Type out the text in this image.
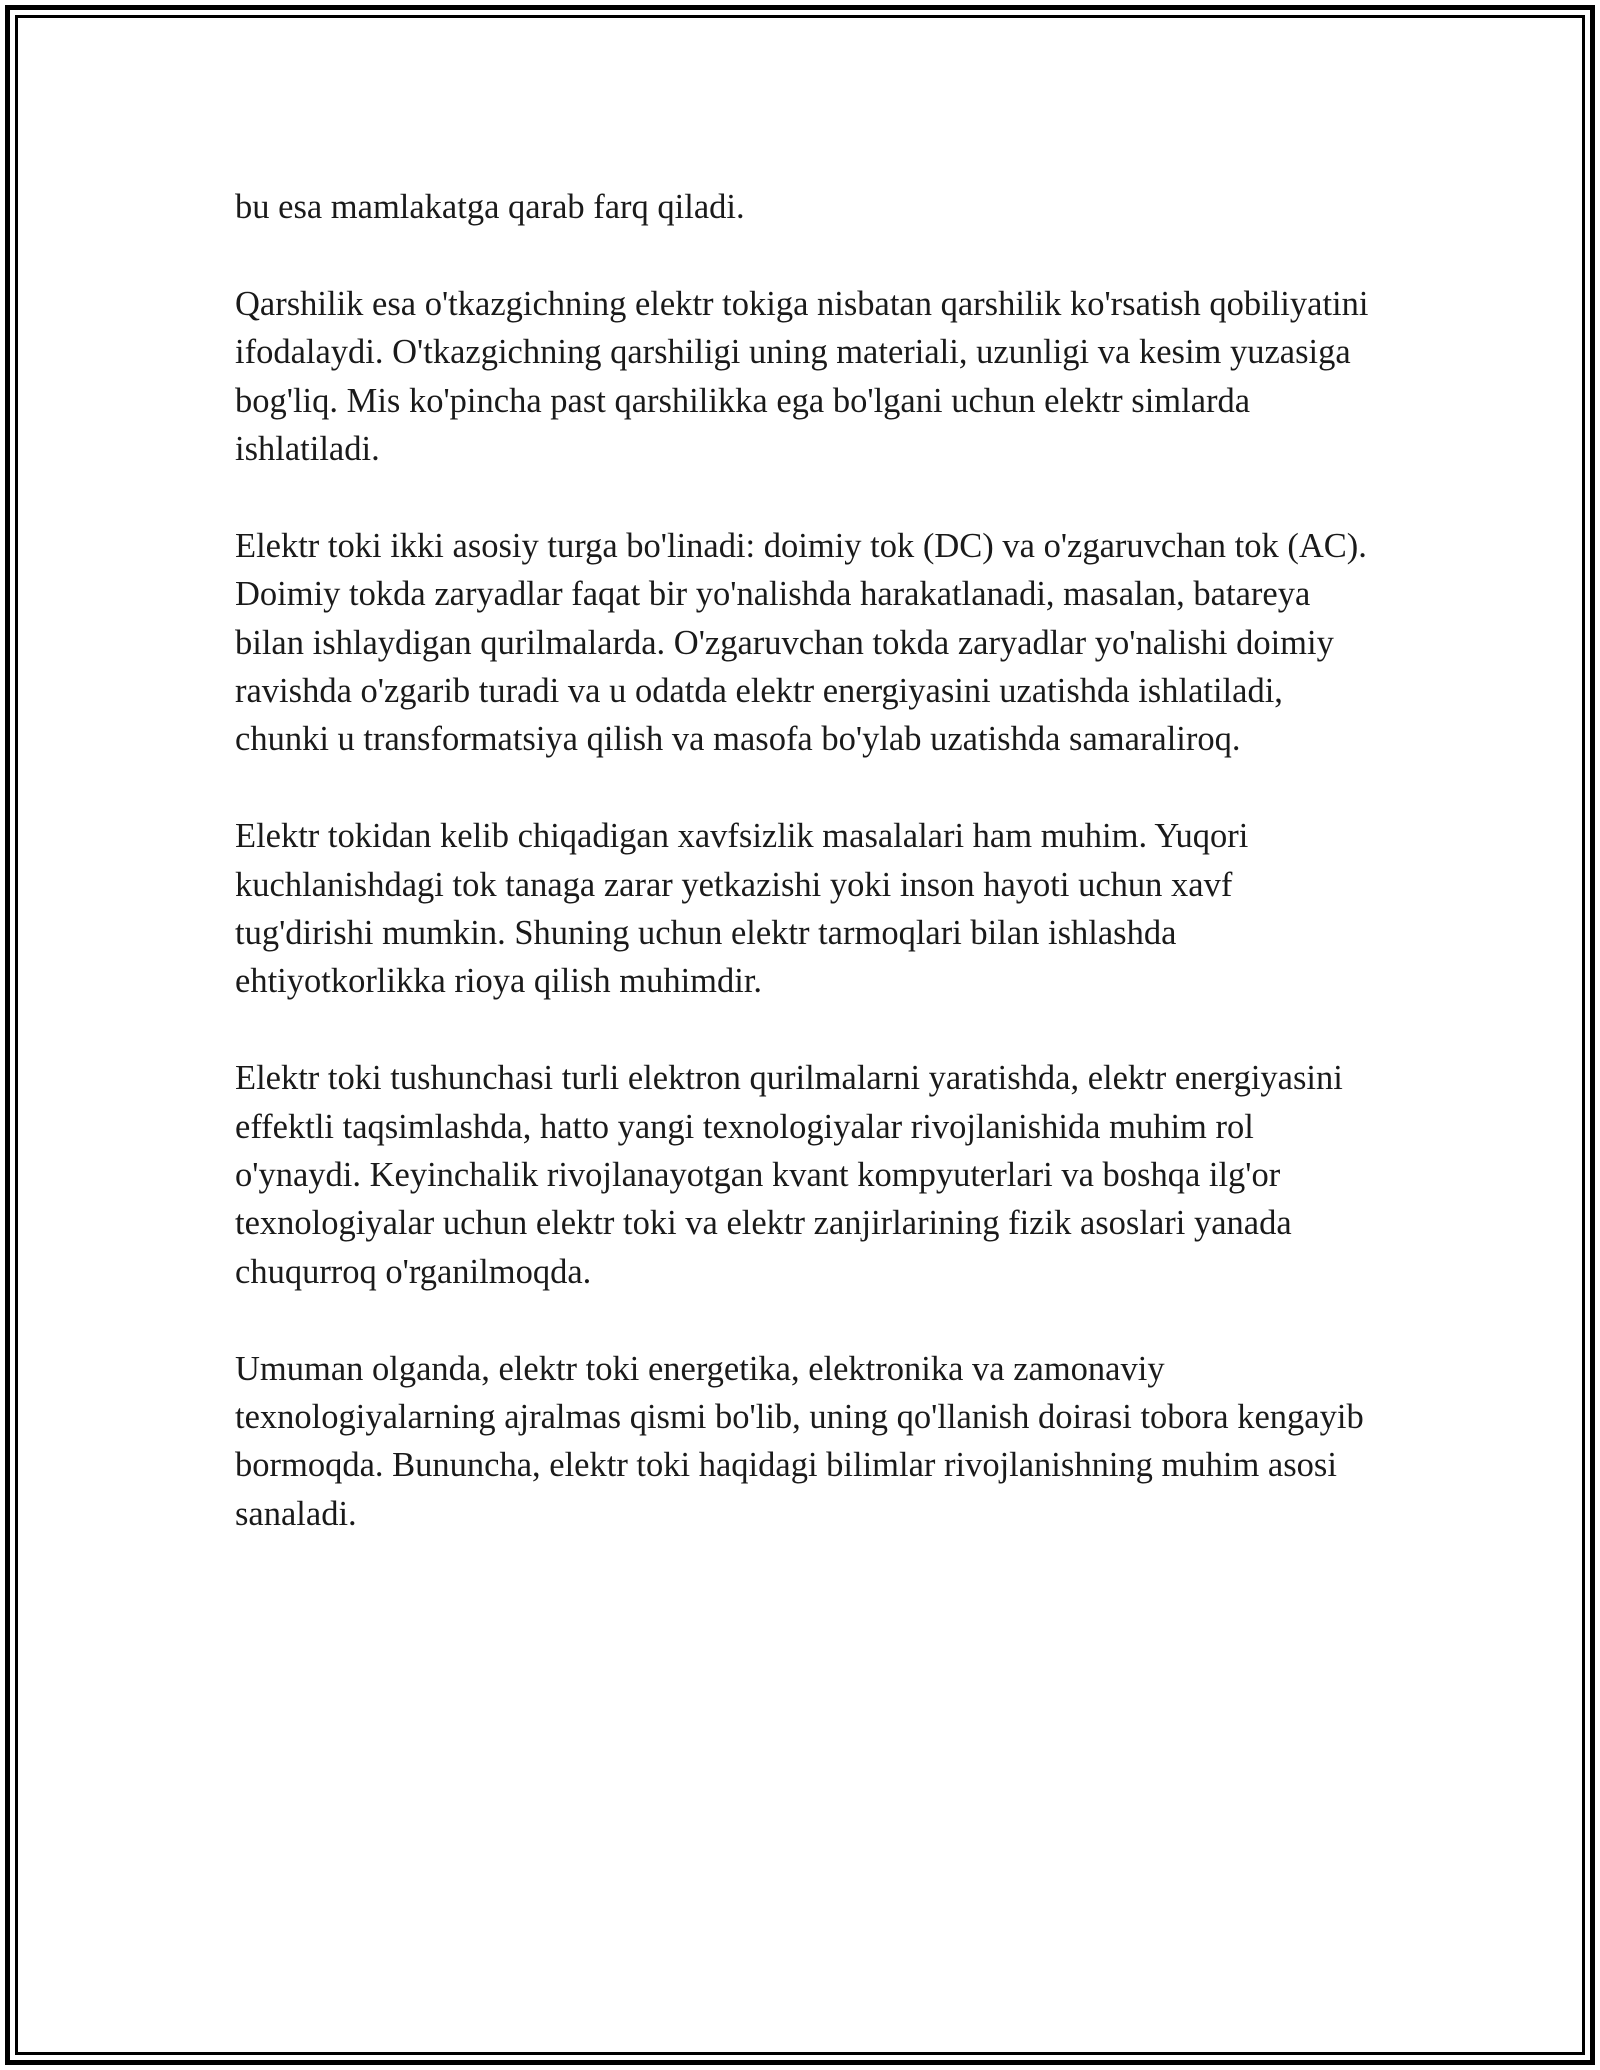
bu esa mamlakatga qarab farq qiladi.

Qarshilik esa o'tkazgichning elektr tokiga nisbatan qarshilik ko'rsatish qobiliyatini ifodalaydi. O'tkazgichning qarshiligi uning materiali, uzunligi va kesim yuzasiga bog'liq. Mis ko'pincha past qarshilikka ega bo'lgani uchun elektr simlarda ishlatiladi.

Elektr toki ikki asosiy turga bo'linadi: doimiy tok (DC) va o'zgaruvchan tok (AC). Doimiy tokda zaryadlar faqat bir yo'nalishda harakatlanadi, masalan, batareya bilan ishlaydigan qurilmalarda. O'zgaruvchan tokda zaryadlar yo'nalishi doimiy ravishda o'zgarib turadi va u odatda elektr energiyasini uzatishda ishlatiladi, chunki u transformatsiya qilish va masofa bo'ylab uzatishda samaraliroq.

Elektr tokidan kelib chiqadigan xavfsizlik masalalari ham muhim. Yuqori kuchlanishdagi tok tanaga zarar yetkazishi yoki inson hayoti uchun xavf tug'dirishi mumkin. Shuning uchun elektr tarmoqlari bilan ishlashda ehtiyotkorlikka rioya qilish muhimdir.

Elektr toki tushunchasi turli elektron qurilmalarni yaratishda, elektr energiyasini effektli taqsimlashda, hatto yangi texnologiyalar rivojlanishida muhim rol o'ynaydi. Keyinchalik rivojlanayotgan kvant kompyuterlari va boshqa ilg'or texnologiyalar uchun elektr toki va elektr zanjirlarining fizik asoslari yanada chuqurroq o'rganilmoqda.

Umuman olganda, elektr toki energetika, elektronika va zamonaviy texnologiyalarning ajralmas qismi bo'lib, uning qo'llanish doirasi tobora kengayib bormoqda. Bununcha, elektr toki haqidagi bilimlar rivojlanishning muhim asosi sanaladi.
